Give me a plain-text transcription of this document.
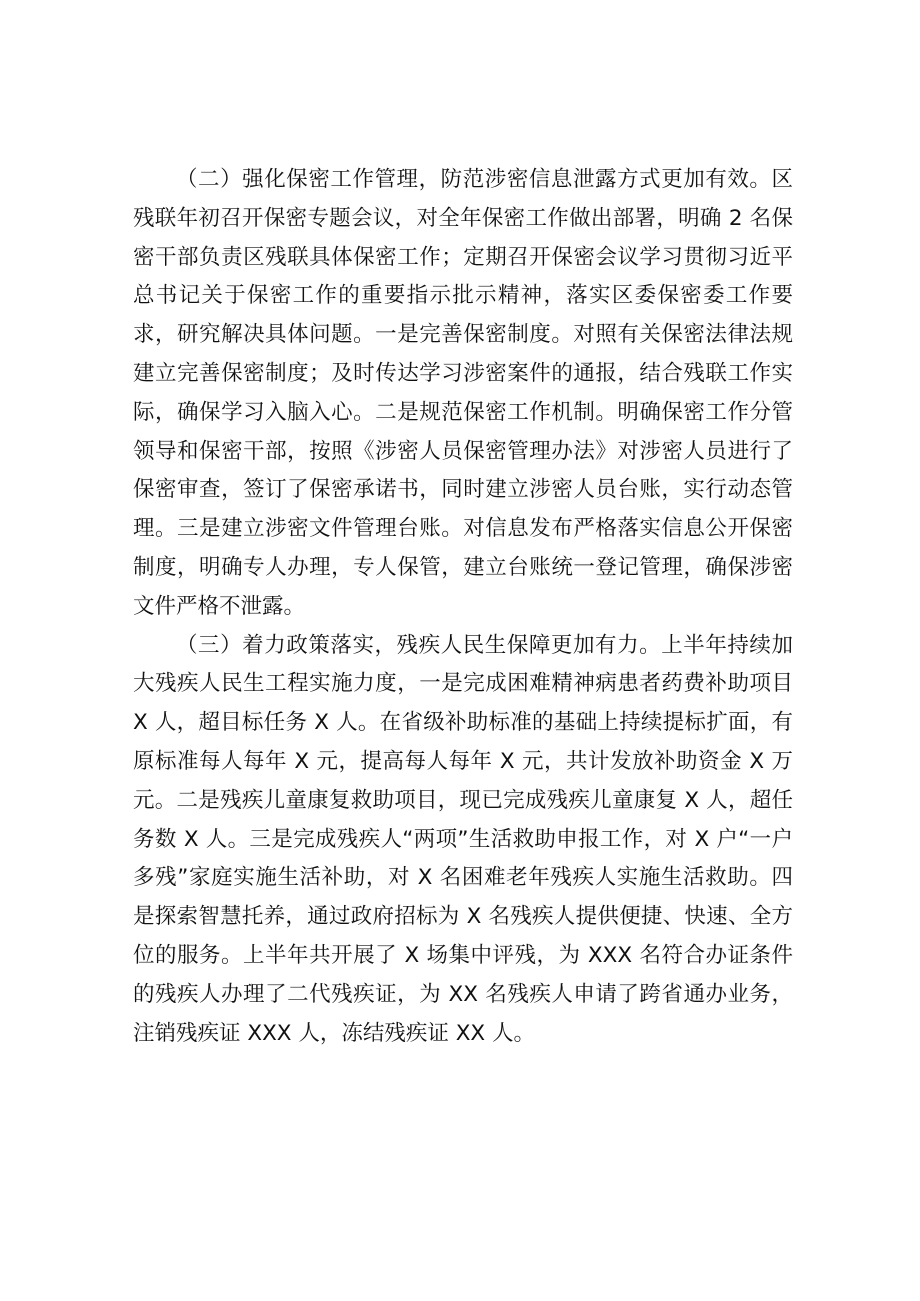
（二）强化保密工作管理，防范涉密信息泄露方式更加有效。区残联年初召开保密专题会议，对全年保密工作做出部署，明确 2 名保密干部负责区残联具体保密工作；定期召开保密会议学习贯彻习近平总书记关于保密工作的重要指示批示精神，落实区委保密委工作要求，研究解决具体问题。一是完善保密制度。对照有关保密法律法规建立完善保密制度；及时传达学习涉密案件的通报，结合残联工作实际，确保学习入脑入心。二是规范保密工作机制。明确保密工作分管领导和保密干部，按照《涉密人员保密管理办法》对涉密人员进行了保密审查，签订了保密承诺书，同时建立涉密人员台账，实行动态管理。三是建立涉密文件管理台账。对信息发布严格落实信息公开保密制度，明确专人办理，专人保管，建立台账统一登记管理，确保涉密文件严格不泄露。

（三）着力政策落实，残疾人民生保障更加有力。上半年持续加大残疾人民生工程实施力度，一是完成困难精神病患者药费补助项目 X 人，超目标任务 X 人。在省级补助标准的基础上持续提标扩面，有原标准每人每年 X 元，提高每人每年 X 元，共计发放补助资金 X 万元。二是残疾儿童康复救助项目，现已完成残疾儿童康复 X 人，超任务数 X 人。三是完成残疾人“两项”生活救助申报工作，对 X 户“一户多残”家庭实施生活补助，对 X 名困难老年残疾人实施生活救助。四是探索智慧托养，通过政府招标为 X 名残疾人提供便捷、快速、全方位的服务。上半年共开展了 X 场集中评残，为 XXX 名符合办证条件的残疾人办理了二代残疾证，为 XX 名残疾人申请了跨省通办业务，注销残疾证 XXX 人，冻结残疾证 XX 人。
